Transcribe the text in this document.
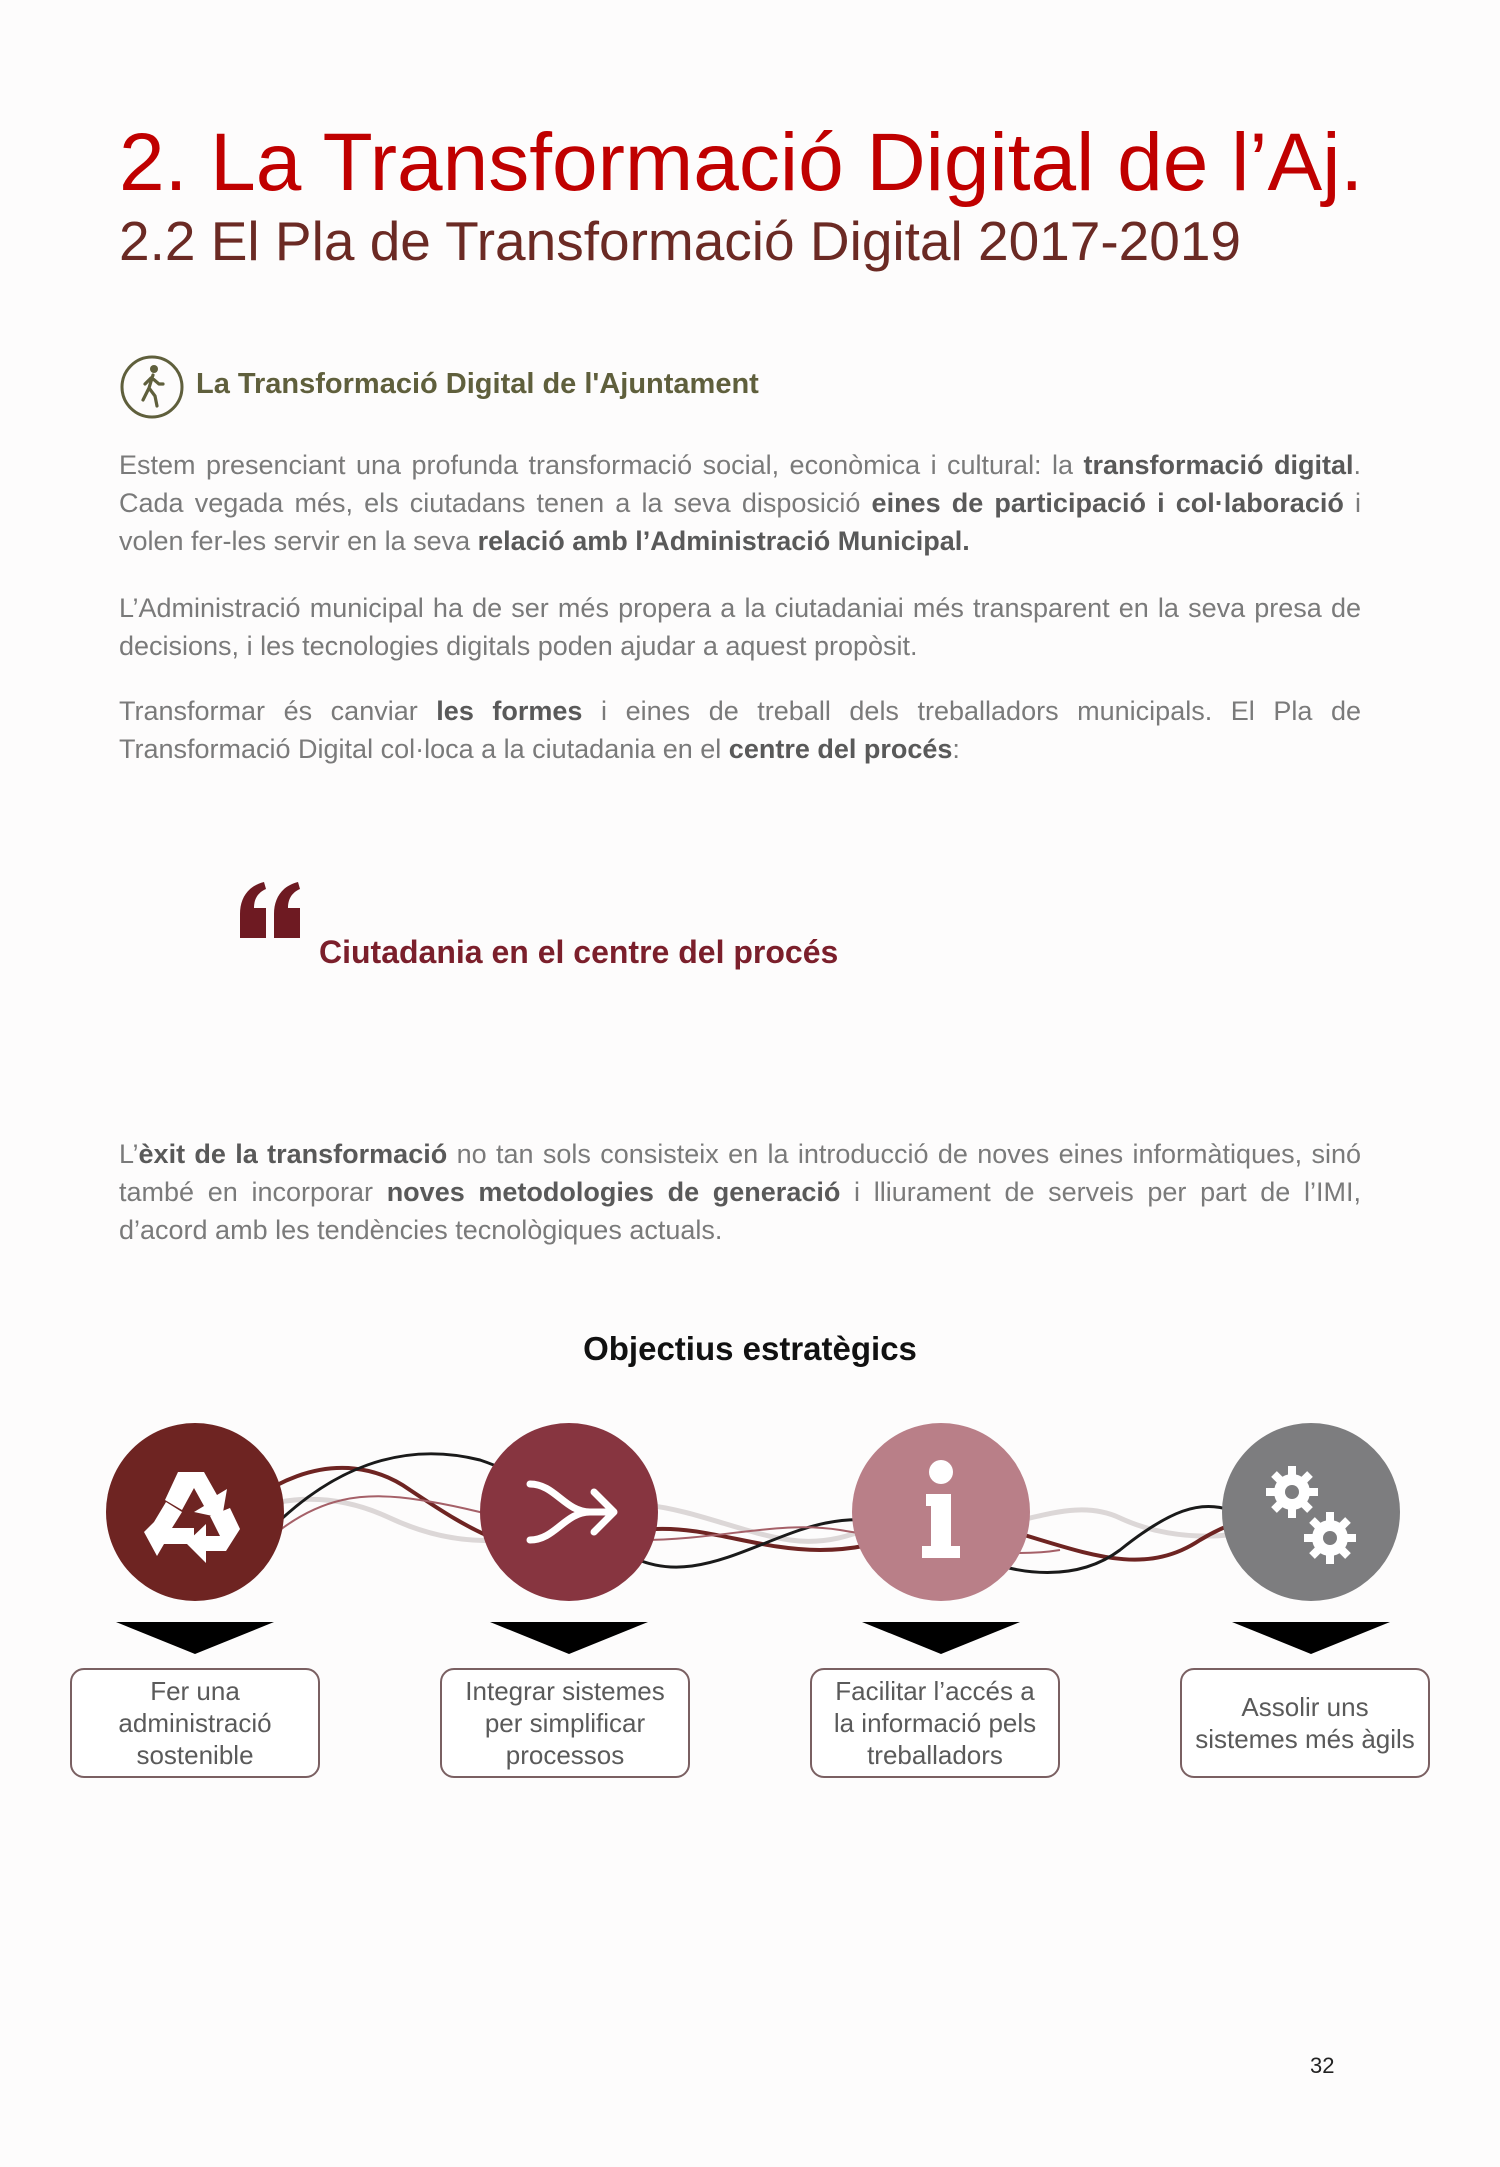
2. La Transformació Digital de l’Aj.
2.2 El Pla de Transformació Digital 2017-2019
La Transformació Digital de l'Ajuntament
Estem presenciant una profunda transformació social, econòmica i cultural: la transformació digital. Cada vegada més, els ciutadans tenen a la seva disposició eines de participació i col·laboració i volen fer-les servir en la seva relació amb l’Administració Municipal.
L’Administració municipal ha de ser més propera a la ciutadaniai més transparent en la seva presa de decisions, i les tecnologies digitals poden ajudar a aquest propòsit.
Transformar és canviar les formes i eines de treball dels treballadors municipals. El Pla de Transformació Digital col·loca a la ciutadania en el centre del procés:
Ciutadania en el centre del procés
L’èxit de la transformació no tan sols consisteix en la introducció de noves eines informàtiques, sinó també en incorporar noves metodologies de generació i lliurament de serveis per part de l’IMI, d’acord amb les tendències tecnològiques actuals.
Objectius estratègics
Fer una administració sostenible
Integrar sistemes per simplificar processos
Facilitar l’accés a la informació pels treballadors
Assolir uns sistemes més àgils
32
